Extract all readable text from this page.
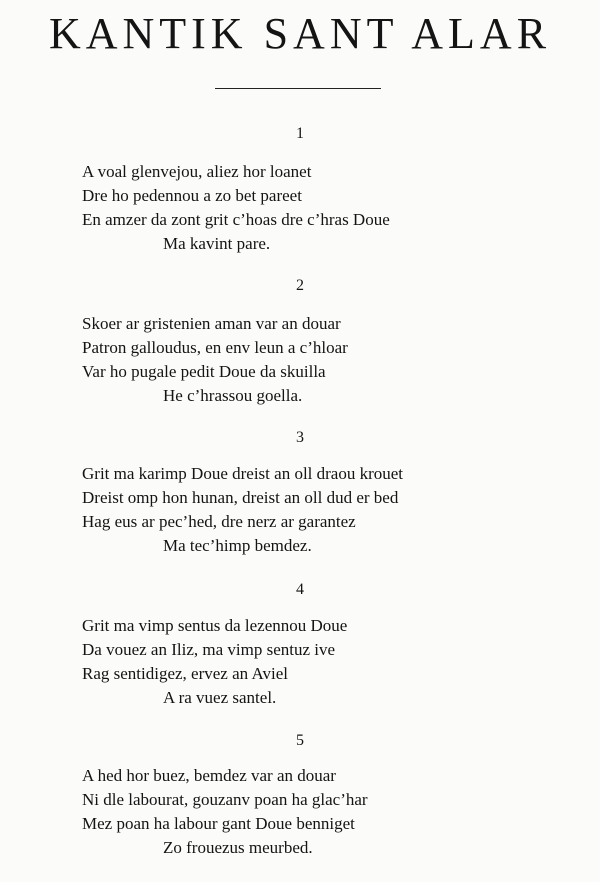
KANTIK SANT ALAR
1
A voal glenvejou, aliez hor loanet
Dre ho pedennou a zo bet pareet
En amzer da zont grit c’hoas dre c’hras Doue
Ma kavint pare.
2
Skoer ar gristenien aman var an douar
Patron galloudus, en env leun a c’hloar
Var ho pugale pedit Doue da skuilla
He c’hrassou goella.
3
Grit ma karimp Doue dreist an oll draou krouet
Dreist omp hon hunan, dreist an oll dud er bed
Hag eus ar pec’hed, dre nerz ar garantez
Ma tec’himp bemdez.
4
Grit ma vimp sentus da lezennou Doue
Da vouez an Iliz, ma vimp sentuz ive
Rag sentidigez, ervez an Aviel
A ra vuez santel.
5
A hed hor buez, bemdez var an douar
Ni dle labourat, gouzanv poan ha glac’har
Mez poan ha labour gant Doue benniget
Zo frouezus meurbed.
